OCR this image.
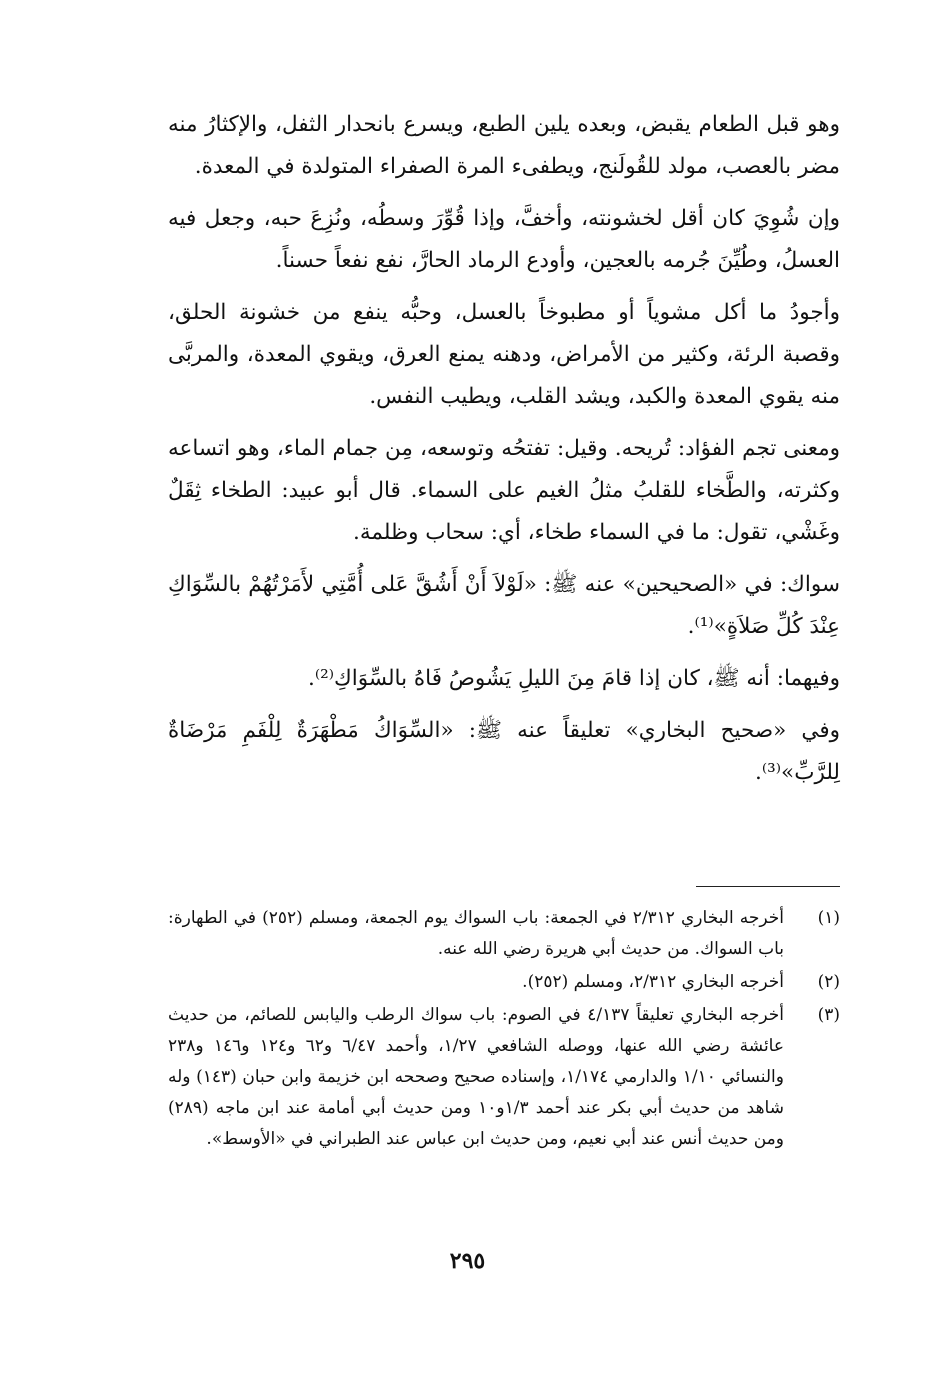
وهو قبل الطعام يقبض، وبعده يلين الطبع، ويسرع بانحدار الثفل، والإكثارُ منه مضر بالعصب، مولد للقُولَنج، ويطفىء المرة الصفراء المتولدة في المعدة.

وإن شُوِيَ كان أقل لخشونته، وأخفَّ، وإذا قُوِّرَ وسطُه، ونُزِعَ حبه، وجعل فيه العسلُ، وطُيِّنَ جُرمه بالعجين، وأودع الرماد الحارَّ، نفع نفعاً حسناً.

وأجودُ ما أكل مشوياً أو مطبوخاً بالعسل، وحبُّه ينفع من خشونة الحلق، وقصبة الرئة، وكثير من الأمراض، ودهنه يمنع العرق، ويقوي المعدة، والمربَّى منه يقوي المعدة والكبد، ويشد القلب، ويطيب النفس.

ومعنى تجم الفؤاد: تُريحه. وقيل: تفتحُه وتوسعه، مِن جمام الماء، وهو اتساعه وكثرته، والطَّخاء للقلبُ مثلُ الغيم على السماء. قال أبو عبيد: الطخاء ثِقَلٌ وغَشْي، تقول: ما في السماء طخاء، أي: سحاب وظلمة.

سواك: في «الصحيحين» عنه ﷺ: «لَوْلاَ أَنْ أَشُقَّ عَلى أُمَّتِي لأَمَرْتُهُمْ بالسِّوَاكِ عِنْدَ كُلِّ صَلاَةٍ»⁽¹⁾.

وفيهما: أنه ﷺ، كان إذا قامَ مِنَ الليلِ يَشُوصُ فَاهُ بالسِّوَاكِ⁽²⁾.

وفي «صحيح البخاري» تعليقاً عنه ﷺ: «السِّوَاكُ مَطْهَرَةٌ لِلْفَمِ مَرْضَاةٌ لِلرَّبِّ»⁽³⁾.

(١)
أخرجه البخاري ٢/٣١٢ في الجمعة: باب السواك يوم الجمعة، ومسلم (٢٥٢) في الطهارة: باب السواك. من حديث أبي هريرة رضي الله عنه.
(٢)
أخرجه البخاري ٢/٣١٢، ومسلم (٢٥٢).
(٣)
أخرجه البخاري تعليقاً ٤/١٣٧ في الصوم: باب سواك الرطب واليابس للصائم، من حديث عائشة رضي الله عنها، ووصله الشافعي ١/٢٧، وأحمد ٦/٤٧ و٦٢ و١٢٤ و١٤٦ و٢٣٨ والنسائي ١/١٠ والدارمي ١/١٧٤، وإسناده صحيح وصححه ابن خزيمة وابن حبان (١٤٣) وله شاهد من حديث أبي بكر عند أحمد ١/٣و١٠ ومن حديث أبي أمامة عند ابن ماجه (٢٨٩) ومن حديث أنس عند أبي نعيم، ومن حديث ابن عباس عند الطبراني في «الأوسط».
٢٩٥
